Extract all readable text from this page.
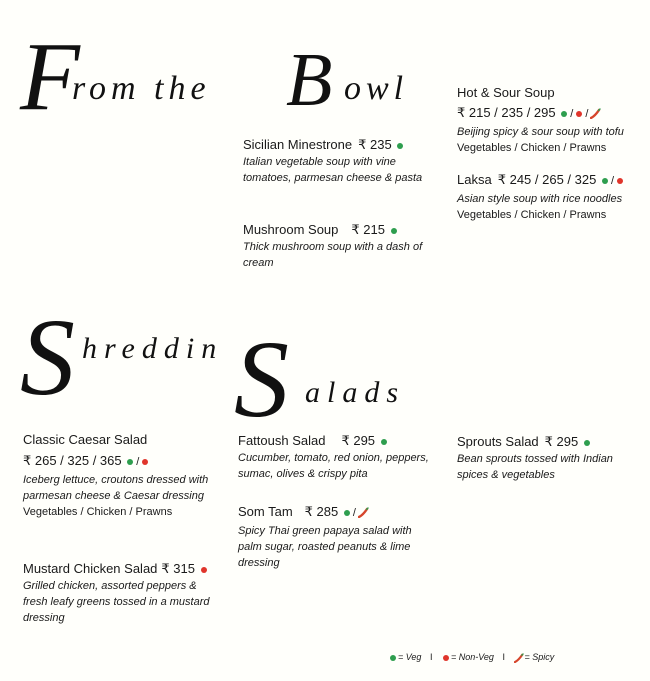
F
rom the B owl
Sicilian Minestrone ₹ 235
Italian vegetable soup with vine tomatoes, parmesan cheese & pasta
Mushroom Soup ₹ 215
Thick mushroom soup with a dash of cream
Hot & Sour Soup
₹ 215 / 235 / 295 / /
Beijing spicy & sour soup with tofu
Vegetables / Chicken / Prawns
Laksa ₹ 245 / 265 / 325 /
Asian style soup with rice noodles
Vegetables / Chicken / Prawns
S hreddin S alads
Classic Caesar Salad
₹ 265 / 325 / 365 /
Iceberg lettuce, croutons dressed with parmesan cheese & Caesar dressing
Vegetables / Chicken / Prawns
Mustard Chicken Salad ₹ 315
Grilled chicken, assorted peppers & fresh leafy greens tossed in a mustard dressing
Fattoush Salad ₹ 295
Cucumber, tomato, red onion, peppers, sumac, olives & crispy pita
Som Tam ₹ 285 /
Spicy Thai green papaya salad with palm sugar, roasted peanuts & lime dressing
Sprouts Salad ₹ 295
Bean sprouts tossed with Indian spices & vegetables
= Veg I = Non-Veg I = Spicy
